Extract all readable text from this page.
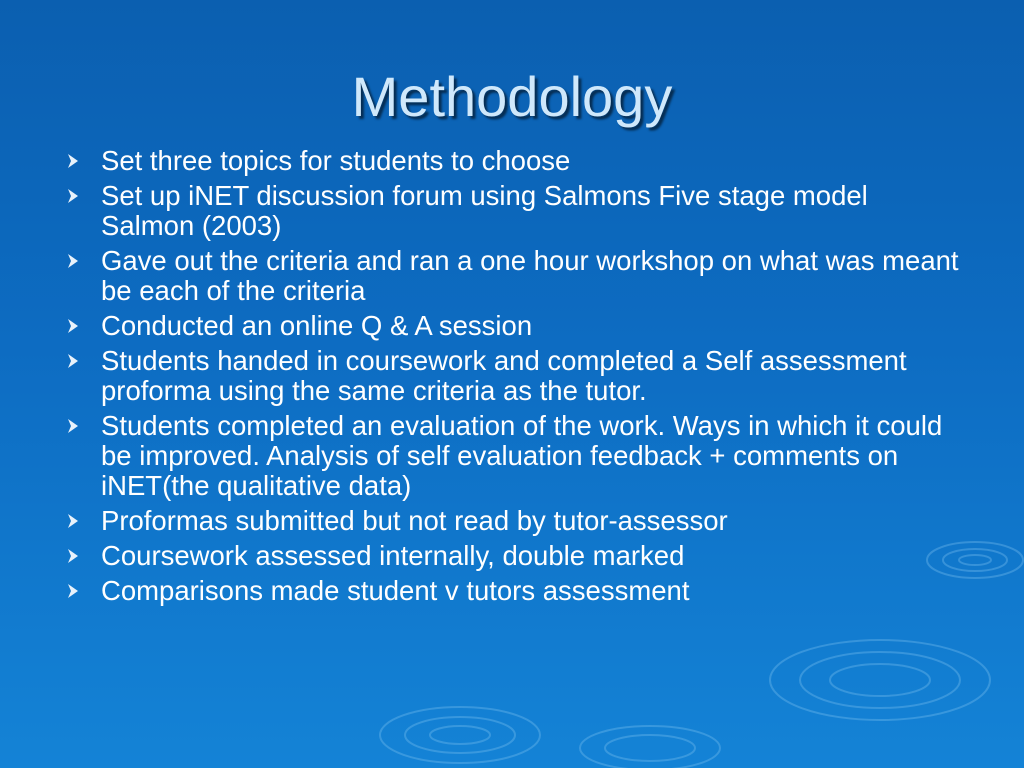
Methodology
Set three topics for students to choose
Set up iNET discussion forum using Salmons Five stage model Salmon (2003)
Gave out the criteria and ran a one hour workshop on what was meant be each of the criteria
Conducted an online Q & A session
Students handed in coursework and completed a Self assessment proforma using the same criteria as the tutor.
Students completed an evaluation of the work. Ways in which it could be improved. Analysis of self evaluation feedback + comments on iNET(the qualitative data)
Proformas submitted but not read by tutor-assessor
Coursework assessed internally, double marked
Comparisons made student v tutors assessment
